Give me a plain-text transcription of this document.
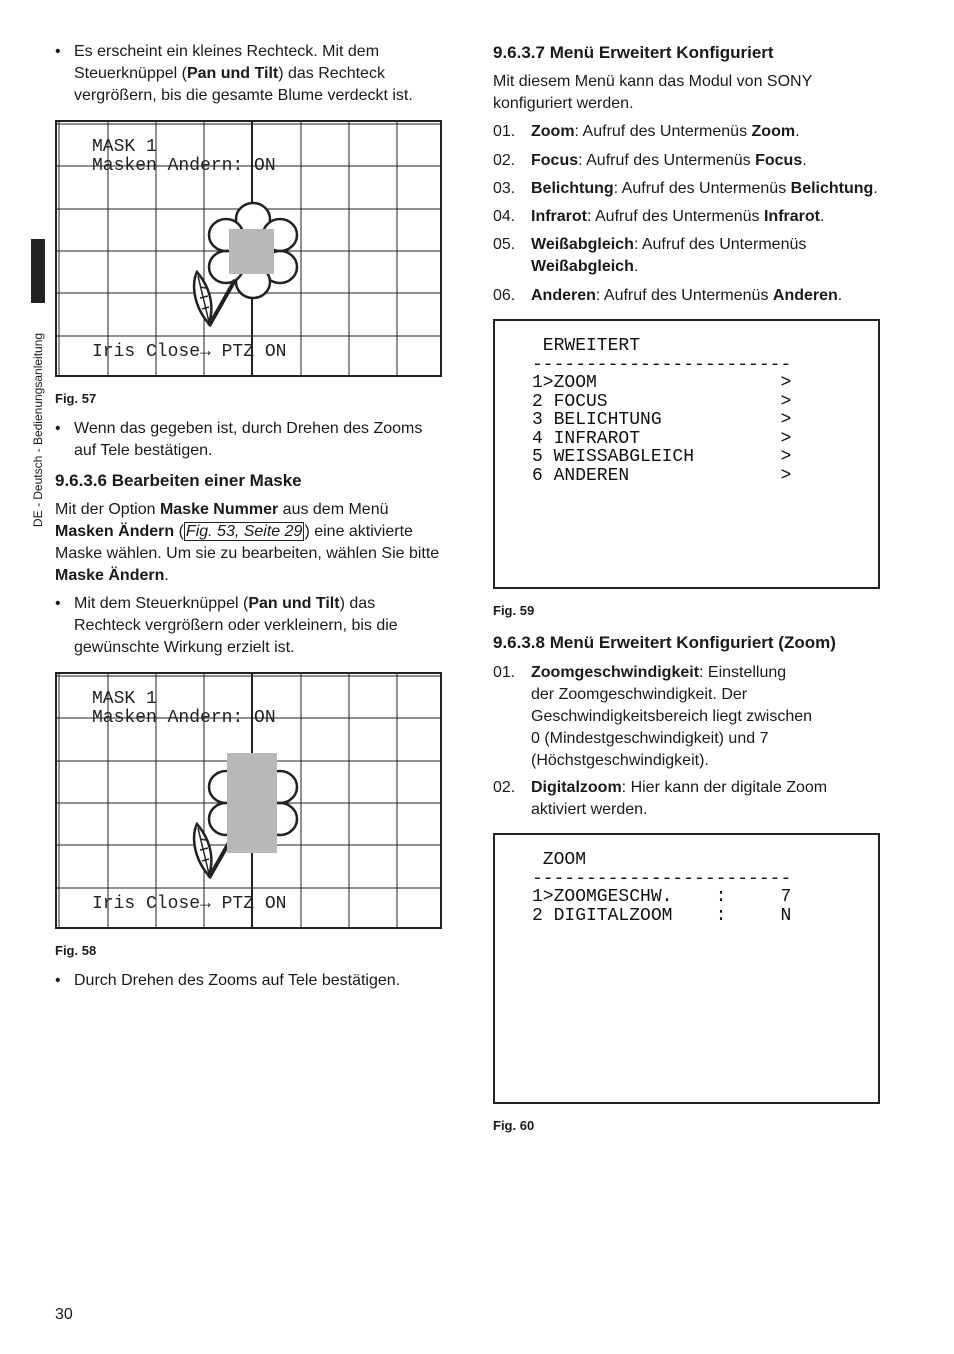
DE - Deutsch - Bedienungsanleitung
• Es erscheint ein kleines Rechteck. Mit dem
Steuerknüppel (Pan und Tilt) das Rechteck
vergrößern, bis die gesamte Blume verdeckt ist.
MASK 1
Masken Andern: ON
Iris Close→ PTZ ON
Fig. 57
• Wenn das gegeben ist, durch Drehen des Zooms
auf Tele bestätigen.
9.6.3.6 Bearbeiten einer Maske
Mit der Option Maske Nummer aus dem Menü
Masken Ändern ( Fig. 53, Seite 29 ) eine aktivierte
Maske wählen. Um sie zu bearbeiten, wählen Sie bitte
Maske Ändern.
• Mit dem Steuerknüppel (Pan und Tilt) das
Rechteck vergrößern oder verkleinern, bis die
gewünschte Wirkung erzielt ist.
MASK 1
Masken Andern: ON
Iris Close→ PTZ ON
Fig. 58
• Durch Drehen des Zooms auf Tele bestätigen.
9.6.3.7 Menü Erweitert Konfiguriert
Mit diesem Menü kann das Modul von SONY
konfiguriert werden.
01. Zoom: Aufruf des Untermenüs Zoom.
02. Focus: Aufruf des Untermenüs Focus.
03. Belichtung: Aufruf des Untermenüs Belichtung.
04. Infrarot: Aufruf des Untermenüs Infrarot.
05. Weißabgleich: Aufruf des Untermenüs
Weißabgleich.
06. Anderen: Aufruf des Untermenüs Anderen.
ERWEITERT
------------------------
1>ZOOM                 >
2 FOCUS                >
3 BELICHTUNG           >
4 INFRAROT             >
5 WEISSABGLEICH        >
6 ANDEREN              >
Fig. 59
9.6.3.8 Menü Erweitert Konfiguriert (Zoom)
01. Zoomgeschwindigkeit: Einstellung
der Zoomgeschwindigkeit. Der
Geschwindigkeitsbereich liegt zwischen
0 (Mindestgeschwindigkeit) und 7
(Höchstgeschwindigkeit).
02. Digitalzoom: Hier kann der digitale Zoom
aktiviert werden.
ZOOM
------------------------
1>ZOOMGESCHW.    :     7
2 DIGITALZOOM    :     N
Fig. 60
30
